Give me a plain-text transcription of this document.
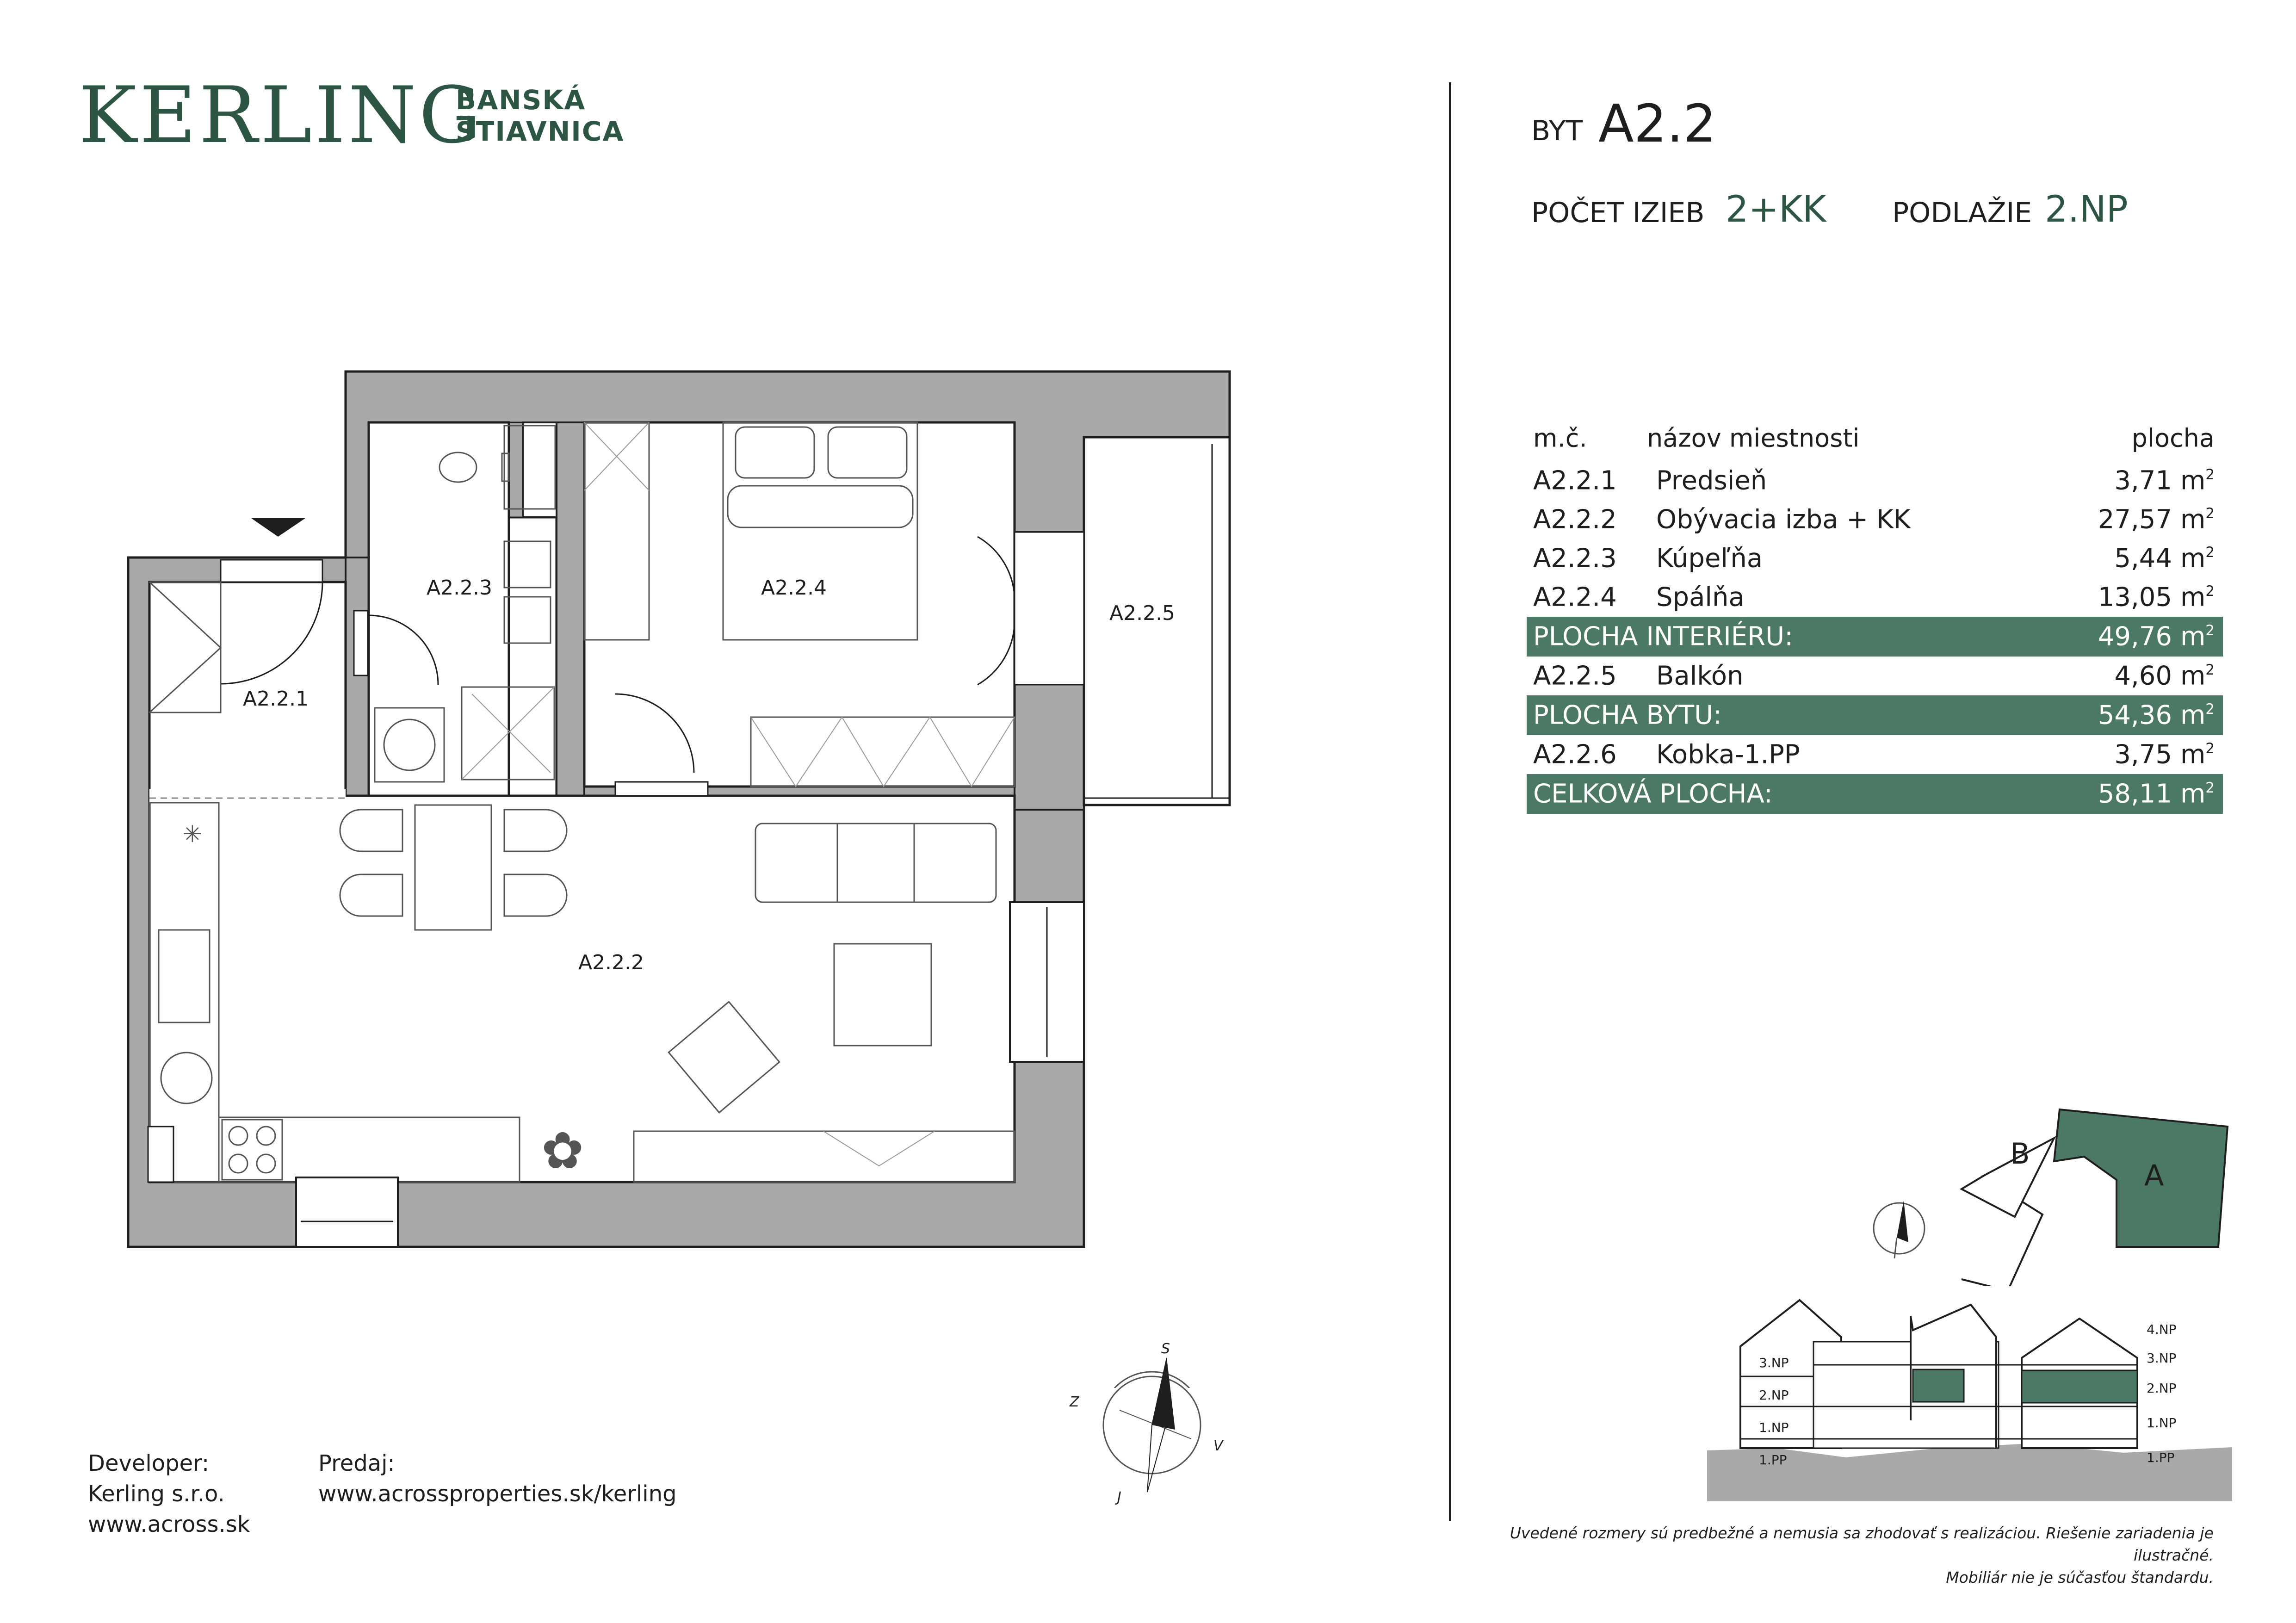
KERLING
BANSKÁ
ŠTIAVNICA	BYT A2.2
POČET IZIEB 2+KK PODLAŽIE 2.NP
m.č. názov miestnosti	plocha
A2.2.1 Predsieň	3,71 $m^2$
A2.2.2 Obývacia izba + KK	27,57 $m^2$
A2.2.3 Kúpeľňa	5,44 $m^2$
A2.2.4 Spálňa	13,05 $m^2$
PLOCHA INTERIÉRU:	49,76 $m^2$
A2.2.5 Balkón	4,60 $m^2$
PLOCHA BYTU:	54,36 $m^2$
A2.2.6 Kobka-1.PP	3,75 $m^2$
CELKOVÁ PLOCHA:	58,11 $m^2$
✳
✿
A2.2.1
A2.2.2
A2.2.3	A2.2.4
A2.2.5
S
Z
V
J
B
A
3.NP
2.NP
1.NP
1.PP
4.NP
3.NP
2.NP
1.NP
1.PP
Developer:
Kerling s.r.o.
www.across.sk
Predaj:
www.acrossproperties.sk/kerling
Uvedené rozmery sú predbežné a nemusia sa zhodovať s realizáciou. Riešenie zariadenia je ilustračné.
Mobiliár nie je súčasťou štandardu.
